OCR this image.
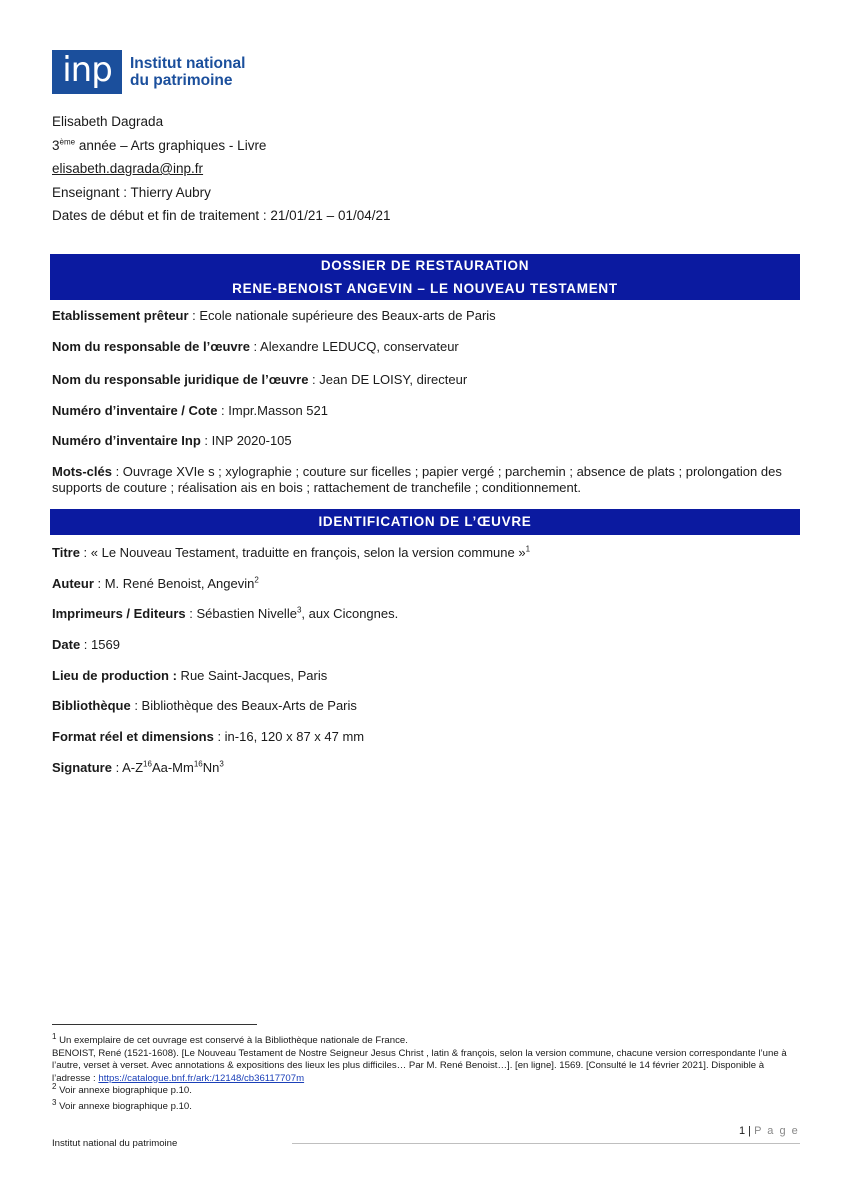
inp	Institut national
du patrimoine
Elisabeth Dagrada
3ème année – Arts graphiques - Livre
elisabeth.dagrada@inp.fr
Enseignant : Thierry Aubry
Dates de début et fin de traitement : 21/01/21 – 01/04/21
DOSSIER DE RESTAURATION
RENE-BENOIST ANGEVIN – LE NOUVEAU TESTAMENT
Etablissement prêteur : Ecole nationale supérieure des Beaux-arts de Paris
Nom du responsable de l’œuvre : Alexandre LEDUCQ, conservateur
Nom du responsable juridique de l’œuvre : Jean DE LOISY, directeur
Numéro d’inventaire / Cote : Impr.Masson 521
Numéro d’inventaire Inp : INP 2020-105
Mots-clés : Ouvrage XVIe s ; xylographie ; couture sur ficelles ; papier vergé ; parchemin ; absence de plats ; prolongation des supports de couture ; réalisation ais en bois ; rattachement de tranchefile ; conditionnement.
IDENTIFICATION DE L’ŒUVRE
Titre : « Le Nouveau Testament, traduitte en françois, selon la version commune »$^1$
Auteur : M. René Benoist, Angevin$^2$
Imprimeurs / Editeurs : Sébastien Nivelle$^3$, aux Cicongnes.
Date : 1569
Lieu de production : Rue Saint-Jacques, Paris
Bibliothèque : Bibliothèque des Beaux-Arts de Paris
Format réel et dimensions : in-16, 120 x 87 x 47 mm
Signature : $A-Z^{16}Aa-Mm^{16}Nn^3$
$^1$ Un exemplaire de cet ouvrage est conservé à la Bibliothèque nationale de France.
BENOIST, René (1521-1608). [Le Nouveau Testament de Nostre Seigneur Jesus Christ , latin & françois, selon la version commune, chacune version correspondante l’une à l’autre, verset à verset. Avec annotations & expositions des lieux les plus difficiles… Par M. René Benoist…]. [en ligne]. 1569. [Consulté le 14 février 2021]. Disponible à l’adresse : https://catalogue.bnf.fr/ark:/12148/cb36117707m
$^2$ Voir annexe biographique p.10.
$^3$ Voir annexe biographique p.10.
1 | P a g e
Institut national du patrimoine
